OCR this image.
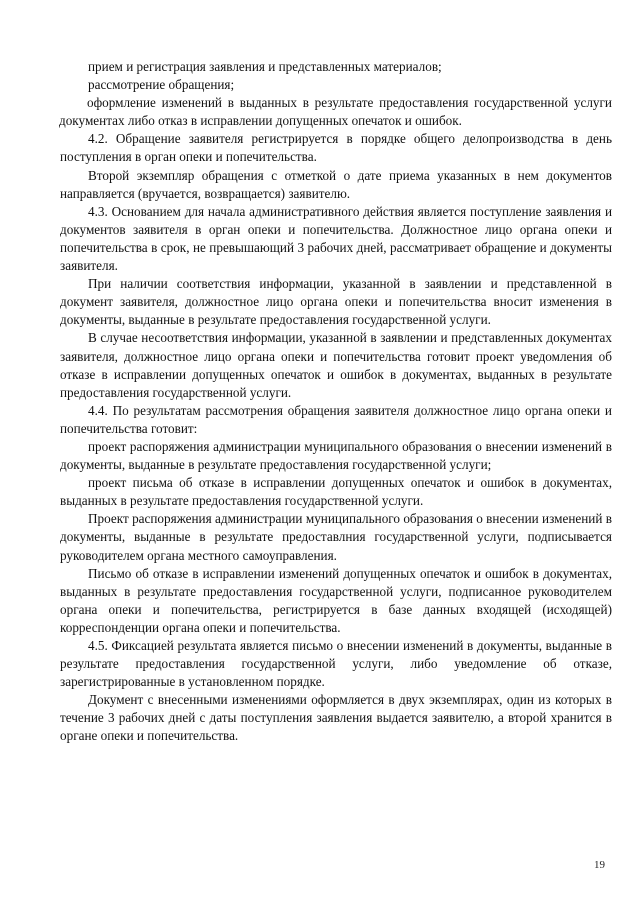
прием и регистрация заявления и представленных материалов;

рассмотрение обращения;

оформление изменений в выданных в результате предоставления государственной услуги документах либо отказ в исправлении допущенных опечаток и ошибок.

4.2. Обращение заявителя регистрируется в порядке общего делопроизводства в день поступления в орган опеки и попечительства.

Второй экземпляр обращения с отметкой о дате приема указанных в нем документов направляется (вручается, возвращается) заявителю.

4.3. Основанием для начала административного действия является поступление заявления и документов заявителя в орган опеки и попечительства. Должностное лицо органа опеки и попечительства в срок, не превышающий 3 рабочих дней, рассматривает обращение и документы заявителя.

При наличии соответствия информации, указанной в заявлении и представленной в документ заявителя, должностное лицо органа опеки и попечительства вносит изменения в документы, выданные в результате предоставления государственной услуги.

В случае несоответствия информации, указанной в заявлении и представленных документах заявителя, должностное лицо органа опеки и попечительства готовит проект уведомления об отказе в исправлении допущенных опечаток и ошибок в документах, выданных в результате предоставления государственной услуги.

4.4. По результатам рассмотрения обращения заявителя должностное лицо органа опеки и попечительства готовит:

проект распоряжения администрации муниципального образования о внесении изменений в документы, выданные в результате предоставления государственной услуги;

проект письма об отказе в исправлении допущенных опечаток и ошибок в документах, выданных в результате предоставления государственной услуги.

Проект распоряжения администрации муниципального образования о внесении изменений в документы, выданные в результате предоставлния государственной услуги, подписывается руководителем органа местного самоуправления.

Письмо об отказе в исправлении изменений допущенных опечаток и ошибок в документах, выданных в результате предоставления государственной услуги, подписанное руководителем органа опеки и попечительства, регистрируется в базе данных входящей (исходящей) корреспонденции органа опеки и попечительства.

4.5. Фиксацией результата является письмо о внесении изменений в документы, выданные в результате предоставления государственной услуги, либо уведомление об отказе, зарегистрированные в установленном порядке.

Документ с внесенными изменениями оформляется в двух экземплярах, один из которых в течение 3 рабочих дней с даты поступления заявления выдается заявителю, а второй хранится в органе опеки и попечительства.

19
